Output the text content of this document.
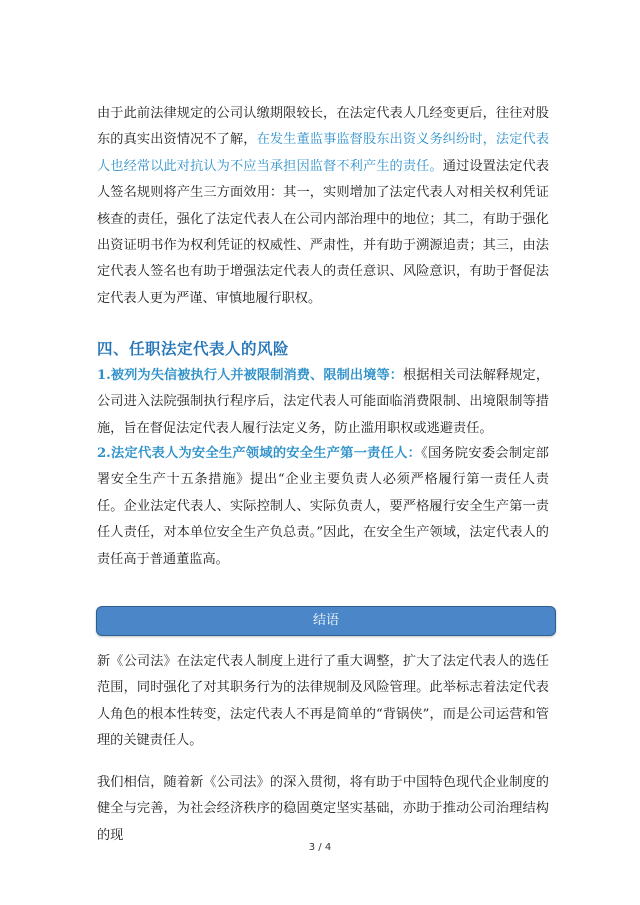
由于此前法律规定的公司认缴期限较长，在法定代表人几经变更后，往往对股东的真实出资情况不了解，在发生董监事监督股东出资义务纠纷时，法定代表人也经常以此对抗认为不应当承担因监督不利产生的责任。通过设置法定代表人签名规则将产生三方面效用：其一，实则增加了法定代表人对相关权利凭证核查的责任，强化了法定代表人在公司内部治理中的地位；其二，有助于强化出资证明书作为权利凭证的权威性、严肃性，并有助于溯源追责；其三，由法定代表人签名也有助于增强法定代表人的责任意识、风险意识，有助于督促法定代表人更为严谨、审慎地履行职权。

四、任职法定代表人的风险

1.被列为失信被执行人并被限制消费、限制出境等：根据相关司法解释规定，公司进入法院强制执行程序后，法定代表人可能面临消费限制、出境限制等措施，旨在督促法定代表人履行法定义务，防止滥用职权或逃避责任。

2.法定代表人为安全生产领域的安全生产第一责任人：《国务院安委会制定部署安全生产十五条措施》提出“企业主要负责人必须严格履行第一责任人责任。企业法定代表人、实际控制人、实际负责人，要严格履行安全生产第一责任人责任，对本单位安全生产负总责。”因此，在安全生产领域，法定代表人的责任高于普通董监高。

结语

新《公司法》在法定代表人制度上进行了重大调整，扩大了法定代表人的选任范围，同时强化了对其职务行为的法律规制及风险管理。此举标志着法定代表人角色的根本性转变，法定代表人不再是简单的“背锅侠”，而是公司运营和管理的关键责任人。

我们相信，随着新《公司法》的深入贯彻，将有助于中国特色现代企业制度的健全与完善，为社会经济秩序的稳固奠定坚实基础，亦助于推动公司治理结构的现

3 / 4
